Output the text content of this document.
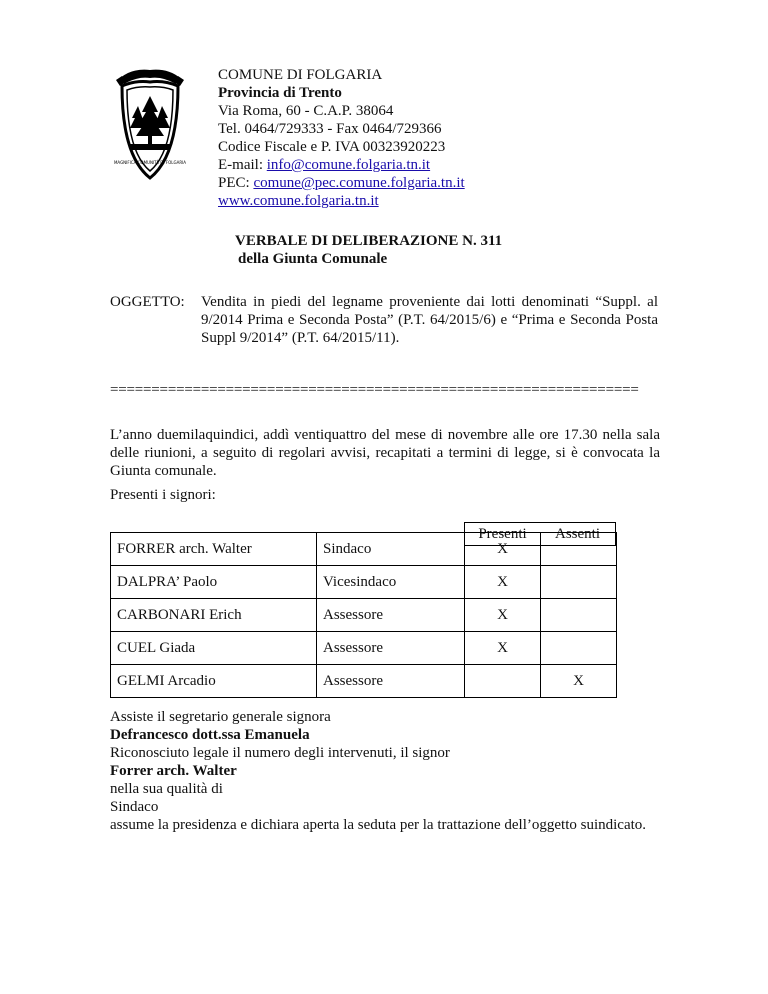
MAGNIFICA COMUNITÀ DI FOLGARIA
COMUNE DI FOLGARIA
Provincia di Trento
Via Roma, 60 - C.A.P. 38064
Tel. 0464/729333 - Fax 0464/729366
Codice Fiscale e P. IVA 00323920223
E-mail: info@comune.folgaria.tn.it
PEC: comune@pec.comune.folgaria.tn.it
www.comune.folgaria.tn.it
VERBALE DI DELIBERAZIONE N. 311
della Giunta Comunale
OGGETTO: Vendita in piedi del legname proveniente dai lotti denominati “Suppl. al 9/2014 Prima e Seconda Posta” (P.T. 64/2015/6) e “Prima e Seconda Posta Suppl 9/2014” (P.T. 64/2015/11).
================================================================
L’anno duemilaquindici, addì ventiquattro del mese di novembre alle ore 17.30 nella sala delle riunioni, a seguito di regolari avvisi, recapitati a termini di legge, si è convocata la Giunta comunale.
Presenti i signori:
Presenti	Assenti
FORRER arch. Walter	Sindaco	X	
DALPRA’ Paolo	Vicesindaco	X	
CARBONARI Erich	Assessore	X	
CUEL Giada	Assessore	X	
GELMI Arcadio	Assessore		X
Assiste il segretario generale signora
Defrancesco dott.ssa Emanuela
Riconosciuto legale il numero degli intervenuti, il signor
Forrer arch. Walter
nella sua qualità di
Sindaco
assume la presidenza e dichiara aperta la seduta per la trattazione dell’oggetto suindicato.
